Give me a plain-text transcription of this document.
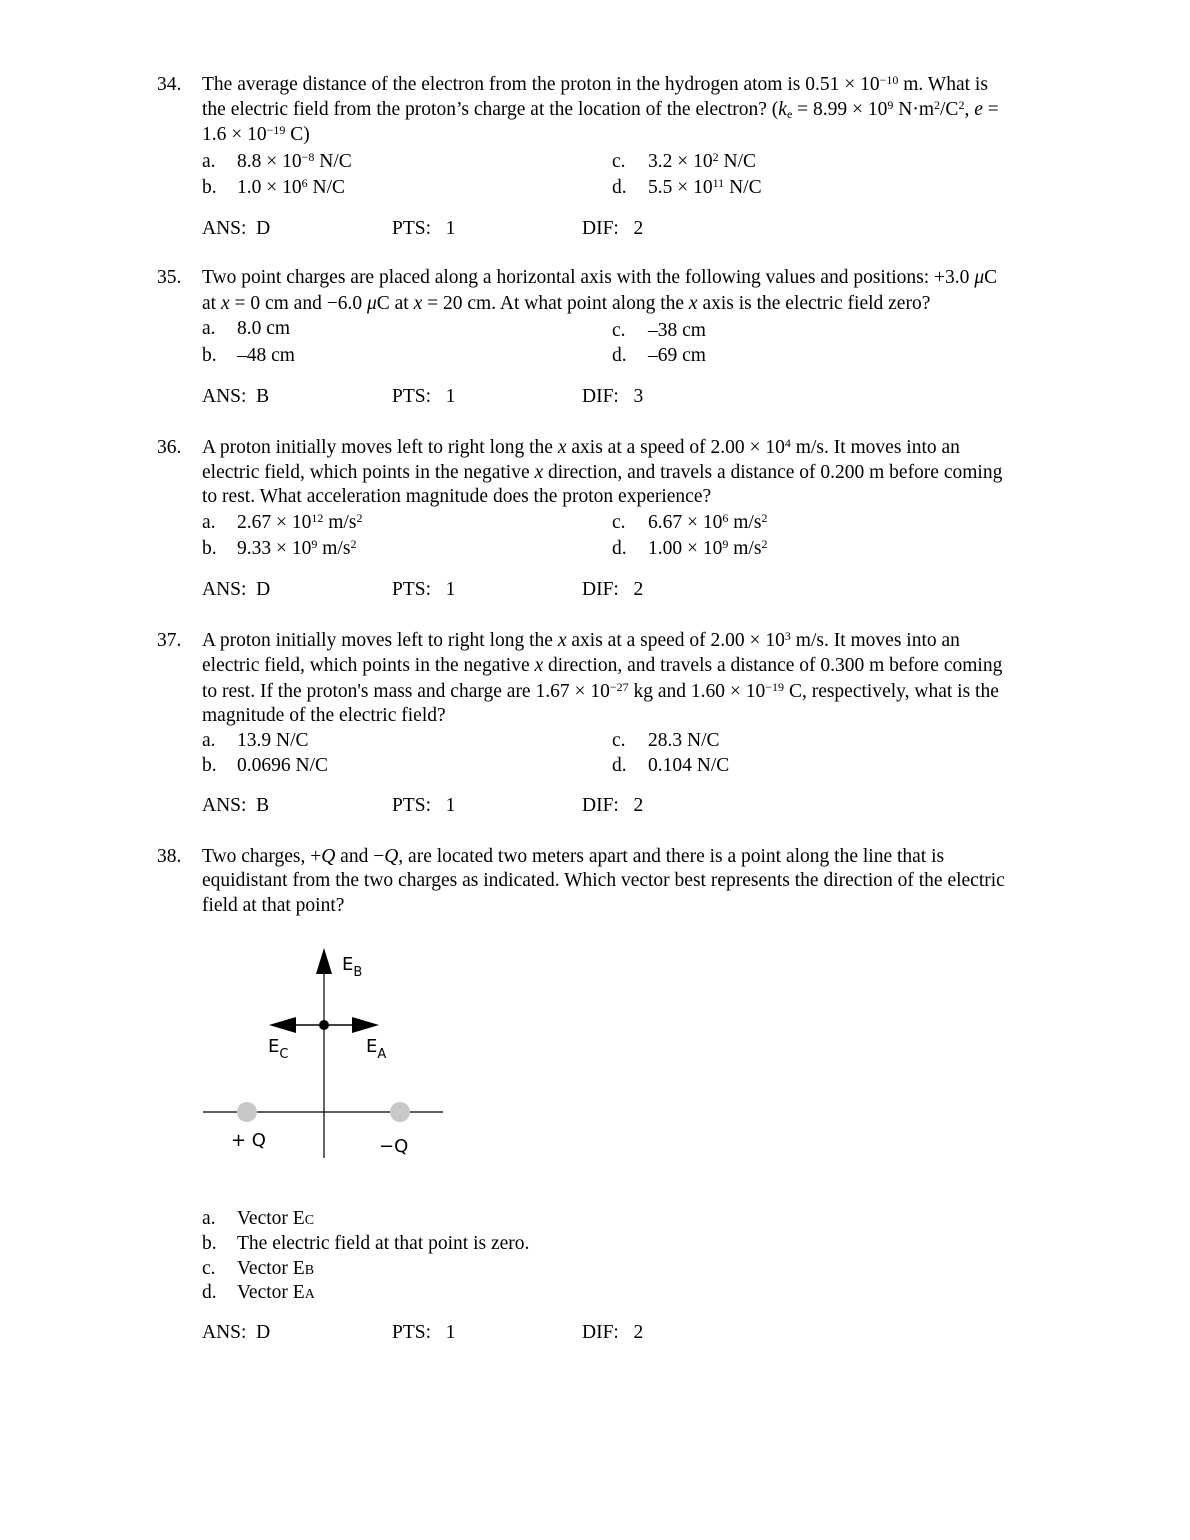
34. The average distance of the electron from the proton in the hydrogen atom is $0.51 \times 10^{-10}$ m. What is
the electric field from the proton’s charge at the location of the electron? ($k_e = 8.99 \times 10^9$ $N\cdot m^2/C^2$, e =
$1.6 \times 10^{-19}$ C)
a. $8.8 \times 10^{-8}$ N/C
b. $1.0 \times 10^6$ N/C
c. $3.2 \times 10^2$ N/C
d. $5.5 \times 10^{11}$ N/C
ANS:  D	PTS:   1	DIF:   2
35. Two point charges are placed along a horizontal axis with the following values and positions: +3.0 μC
at x = 0 cm and −6.0 μC at x = 20 cm. At what point along the x axis is the electric field zero?
a. 8.0 cm
b. –48 cm
c. –38 cm
d. –69 cm
ANS:  B	PTS:   1	DIF:   3
36. A proton initially moves left to right long the x axis at a speed of $2.00 \times 10^4$ m/s. It moves into an
electric field, which points in the negative x direction, and travels a distance of 0.200 m before coming
to rest. What acceleration magnitude does the proton experience?
a. $2.67 \times 10^{12}$ $m/s^2$
b. $9.33 \times 10^9$ $m/s^2$
c. $6.67 \times 10^6$ $m/s^2$
d. $1.00 \times 10^9$ $m/s^2$
ANS:  D	PTS:   1	DIF:   2
37. A proton initially moves left to right long the x axis at a speed of $2.00 \times 10^3$ m/s. It moves into an
electric field, which points in the negative x direction, and travels a distance of 0.300 m before coming
to rest. If the proton's mass and charge are $1.67 \times 10^{-27}$ kg and $1.60 \times 10^{-19}$ C, respectively, what is the
magnitude of the electric field?
a. 13.9 N/C
b. 0.0696 N/C
c. 28.3 N/C
d. 0.104 N/C
ANS:  B	PTS:   1	DIF:   2
38. Two charges, +Q and −Q, are located two meters apart and there is a point along the line that is
equidistant from the two charges as indicated. Which vector best represents the direction of the electric
field at that point?
a. Vector EC
b. The electric field at that point is zero.
c. Vector EB
d. Vector EA
ANS:  D	PTS:   1	DIF:   2
$E_B$
$E_C$	$E_A$
+ Q	−Q
